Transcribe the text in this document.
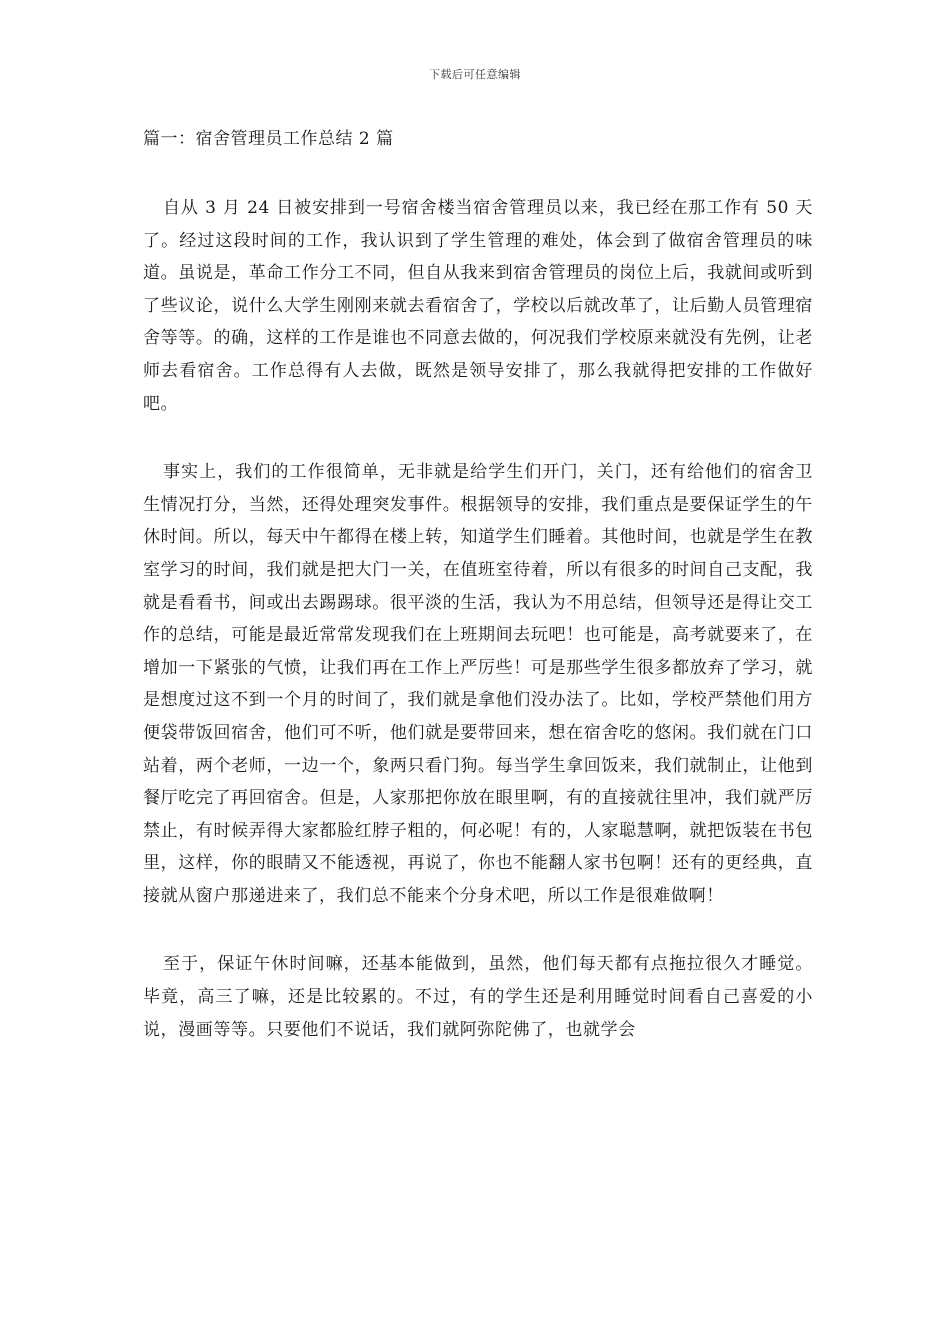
下载后可任意编辑
篇一：宿舍管理员工作总结 2 篇

自从 3 月 24 日被安排到一号宿舍楼当宿舍管理员以来，我已经在那工作有 50 天了。经过这段时间的工作，我认识到了学生管理的难处，体会到了做宿舍管理员的味道。虽说是，革命工作分工不同，但自从我来到宿舍管理员的岗位上后，我就间或听到了些议论，说什么大学生刚刚来就去看宿舍了，学校以后就改革了，让后勤人员管理宿舍等等。的确，这样的工作是谁也不同意去做的，何况我们学校原来就没有先例，让老师去看宿舍。工作总得有人去做，既然是领导安排了，那么我就得把安排的工作做好吧。

事实上，我们的工作很简单，无非就是给学生们开门，关门，还有给他们的宿舍卫生情况打分，当然，还得处理突发事件。根据领导的安排，我们重点是要保证学生的午休时间。所以，每天中午都得在楼上转，知道学生们睡着。其他时间，也就是学生在教室学习的时间，我们就是把大门一关，在值班室待着，所以有很多的时间自己支配，我就是看看书，间或出去踢踢球。很平淡的生活，我认为不用总结，但领导还是得让交工作的总结，可能是最近常常发现我们在上班期间去玩吧！也可能是，高考就要来了，在增加一下紧张的气愤，让我们再在工作上严厉些！可是那些学生很多都放弃了学习，就是想度过这不到一个月的时间了，我们就是拿他们没办法了。比如，学校严禁他们用方便袋带饭回宿舍，他们可不听，他们就是要带回来，想在宿舍吃的悠闲。我们就在门口站着，两个老师，一边一个，象两只看门狗。每当学生拿回饭来，我们就制止，让他到餐厅吃完了再回宿舍。但是，人家那把你放在眼里啊，有的直接就往里冲，我们就严厉禁止，有时候弄得大家都脸红脖子粗的，何必呢！有的，人家聪慧啊，就把饭装在书包里，这样，你的眼睛又不能透视，再说了，你也不能翻人家书包啊！还有的更经典，直接就从窗户那递进来了，我们总不能来个分身术吧，所以工作是很难做啊！

至于，保证午休时间嘛，还基本能做到，虽然，他们每天都有点拖拉很久才睡觉。毕竟，高三了嘛，还是比较累的。不过，有的学生还是利用睡觉时间看自己喜爱的小说，漫画等等。只要他们不说话，我们就阿弥陀佛了，也就学会
